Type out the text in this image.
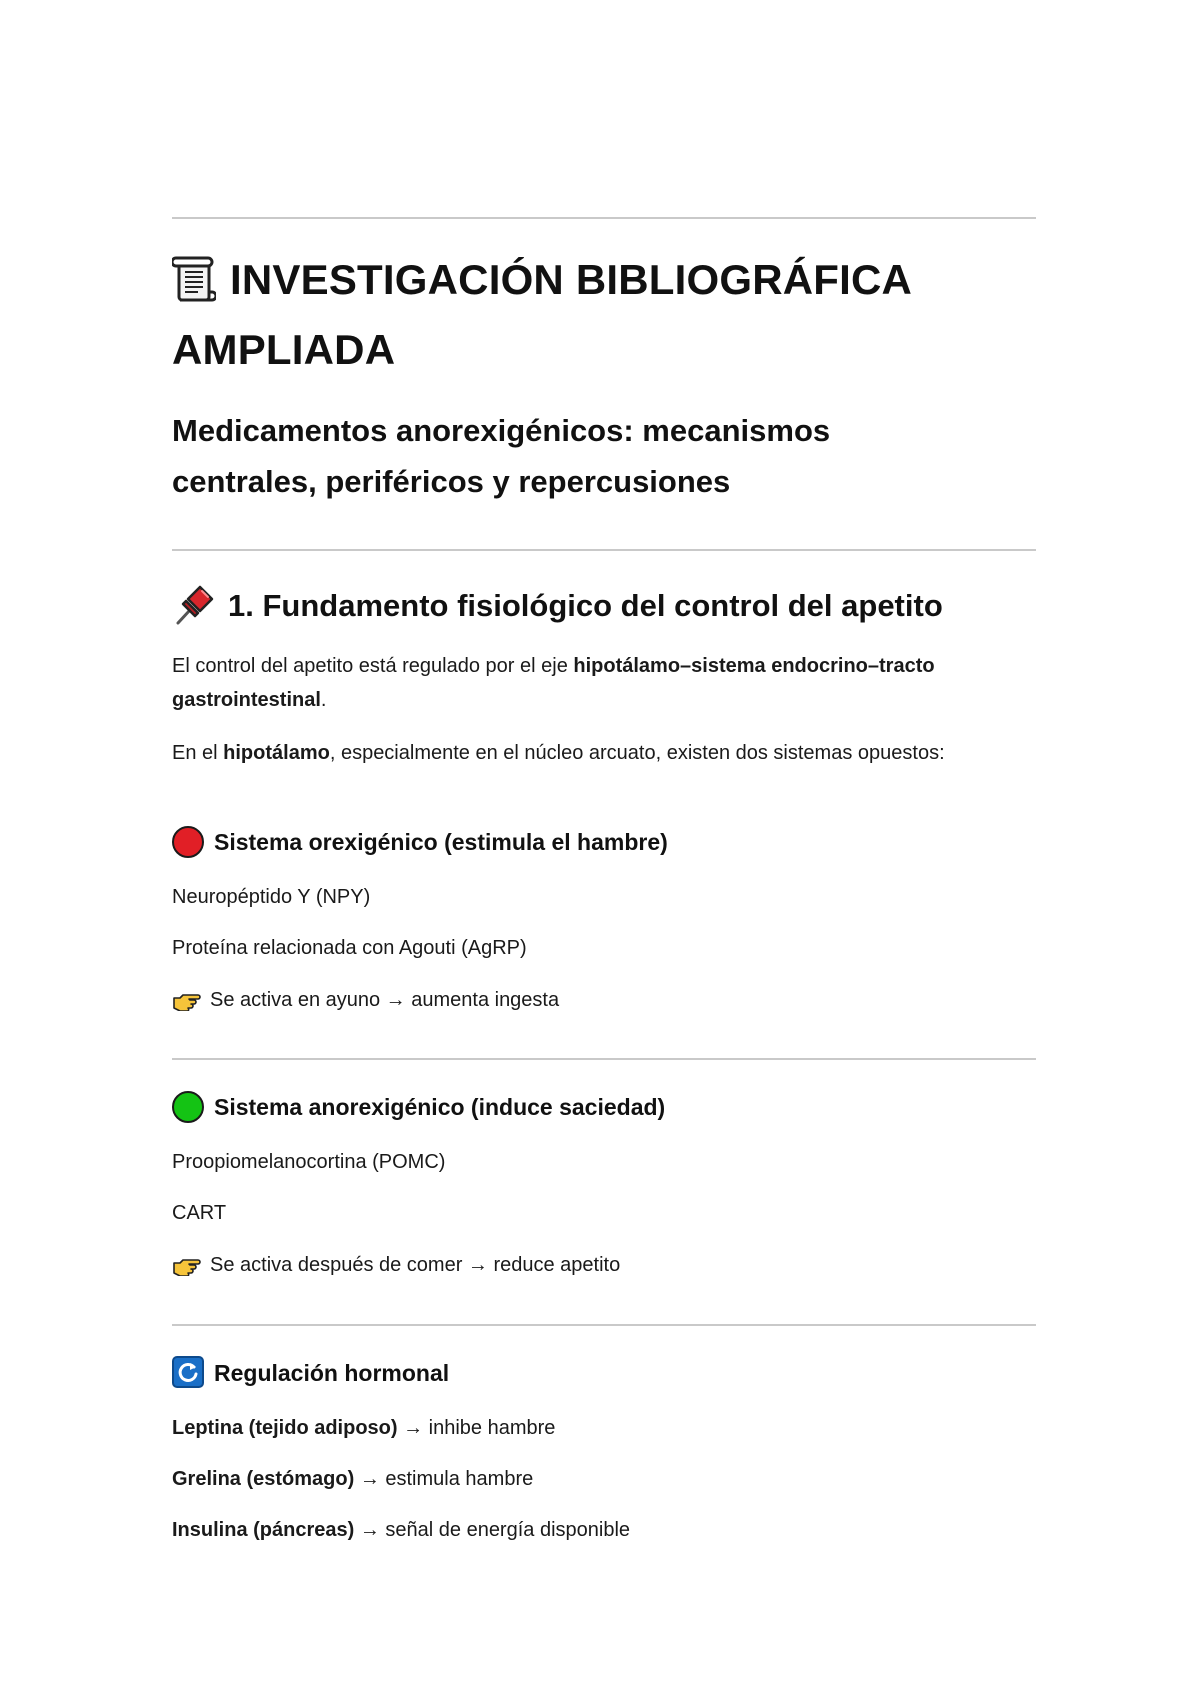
INVESTIGACIÓN BIBLIOGRÁFICA
AMPLIADA
Medicamentos anorexigénicos: mecanismos
centrales, periféricos y repercusiones
1. Fundamento fisiológico del control del apetito
El control del apetito está regulado por el eje hipotálamo–sistema endocrino–tracto gastrointestinal.
En el hipotálamo, especialmente en el núcleo arcuato, existen dos sistemas opuestos:
Sistema orexigénico (estimula el hambre)
Neuropéptido Y (NPY)
Proteína relacionada con Agouti (AgRP)
Se activa en ayuno → aumenta ingesta
Sistema anorexigénico (induce saciedad)
Proopiomelanocortina (POMC)
CART
Se activa después de comer → reduce apetito
Regulación hormonal
Leptina (tejido adiposo) → inhibe hambre
Grelina (estómago) → estimula hambre
Insulina (páncreas) → señal de energía disponible
